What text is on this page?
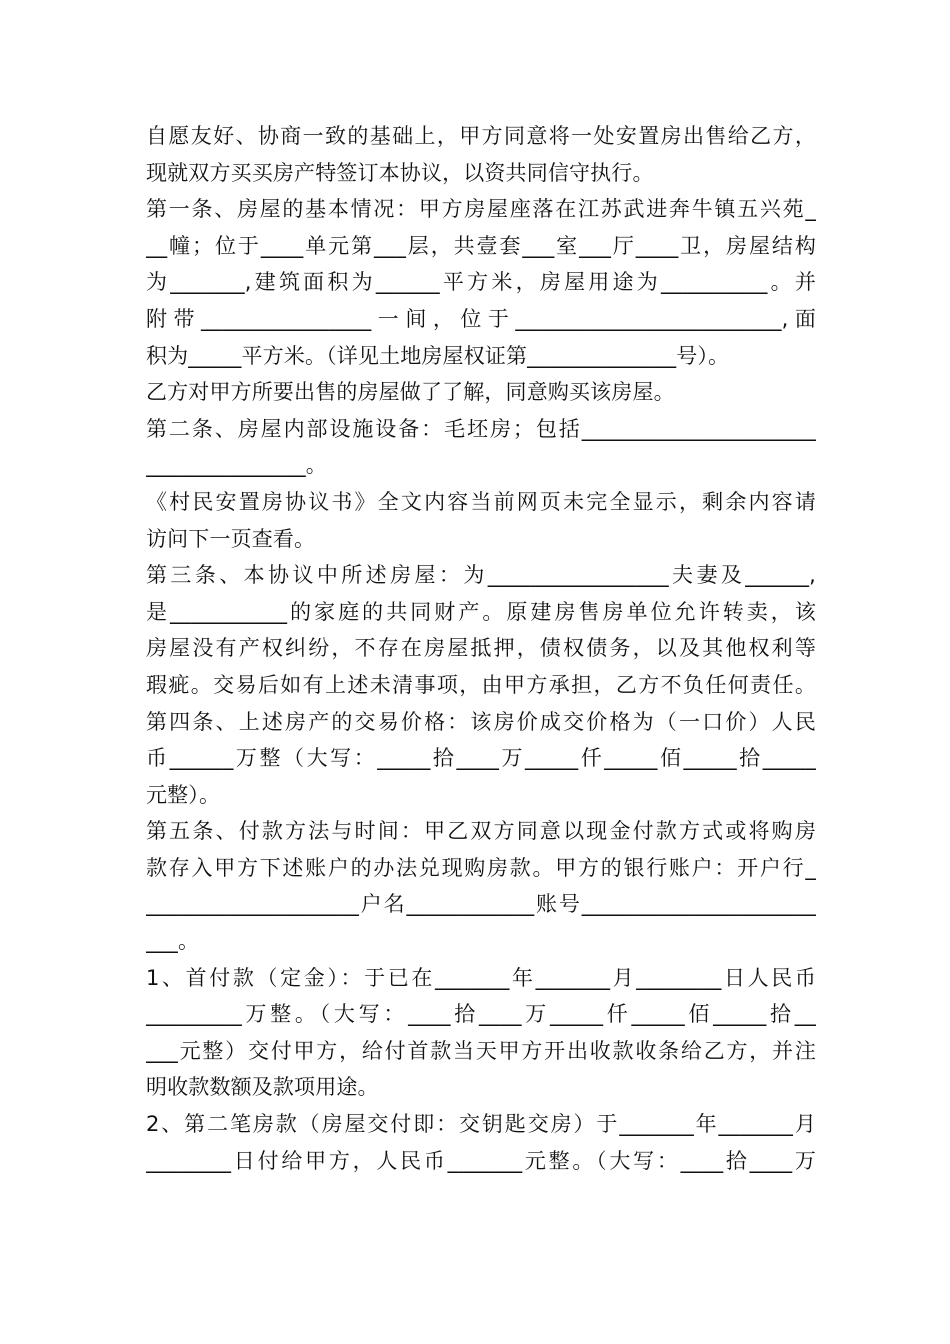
自愿友好、协商一致的基础上，甲方同意将一处安置房出售给乙方，
现就双方买买房产特签订本协议，以资共同信守执行。
第一条、房屋的基本情况：甲方房屋座落在江苏武进奔牛镇五兴苑_
__幢；位于____单元第___层，共壹套___室___厅____卫，房屋结构
为_______,建筑面积为______平方米，房屋用途为__________。并
附带________________一间，位于_________________________,面
积为_____平方米。（详见土地房屋权证第______________号）。
乙方对甲方所要出售的房屋做了了解，同意购买该房屋。
第二条、房屋内部设施设备：毛坯房；包括______________________
_______________。
《村民安置房协议书》全文内容当前网页未完全显示，剩余内容请
访问下一页查看。
第三条、本协议中所述房屋：为_________________夫妻及______,
是___________的家庭的共同财产。原建房售房单位允许转卖，该
房屋没有产权纠纷，不存在房屋抵押，债权债务，以及其他权利等
瑕疵。交易后如有上述未清事项，由甲方承担，乙方不负任何责任。
第四条、上述房产的交易价格：该房价成交价格为（一口价）人民
币______万整（大写：_____拾____万_____仟_____佰_____拾_____
元整）。
第五条、付款方法与时间：甲乙双方同意以现金付款方式或将购房
款存入甲方下述账户的办法兑现购房款。甲方的银行账户：开户行_
____________________户名____________账号______________________
___。
1、首付款（定金）：于已在_______年_______月________日人民币
_________万整。（大写：____拾____万_____仟_____佰_____拾__
___元整）交付甲方，给付首款当天甲方开出收款收条给乙方，并注
明收款数额及款项用途。
2、第二笔房款（房屋交付即：交钥匙交房）于_______年_______月
________日付给甲方，人民币_______元整。（大写：____拾____万
